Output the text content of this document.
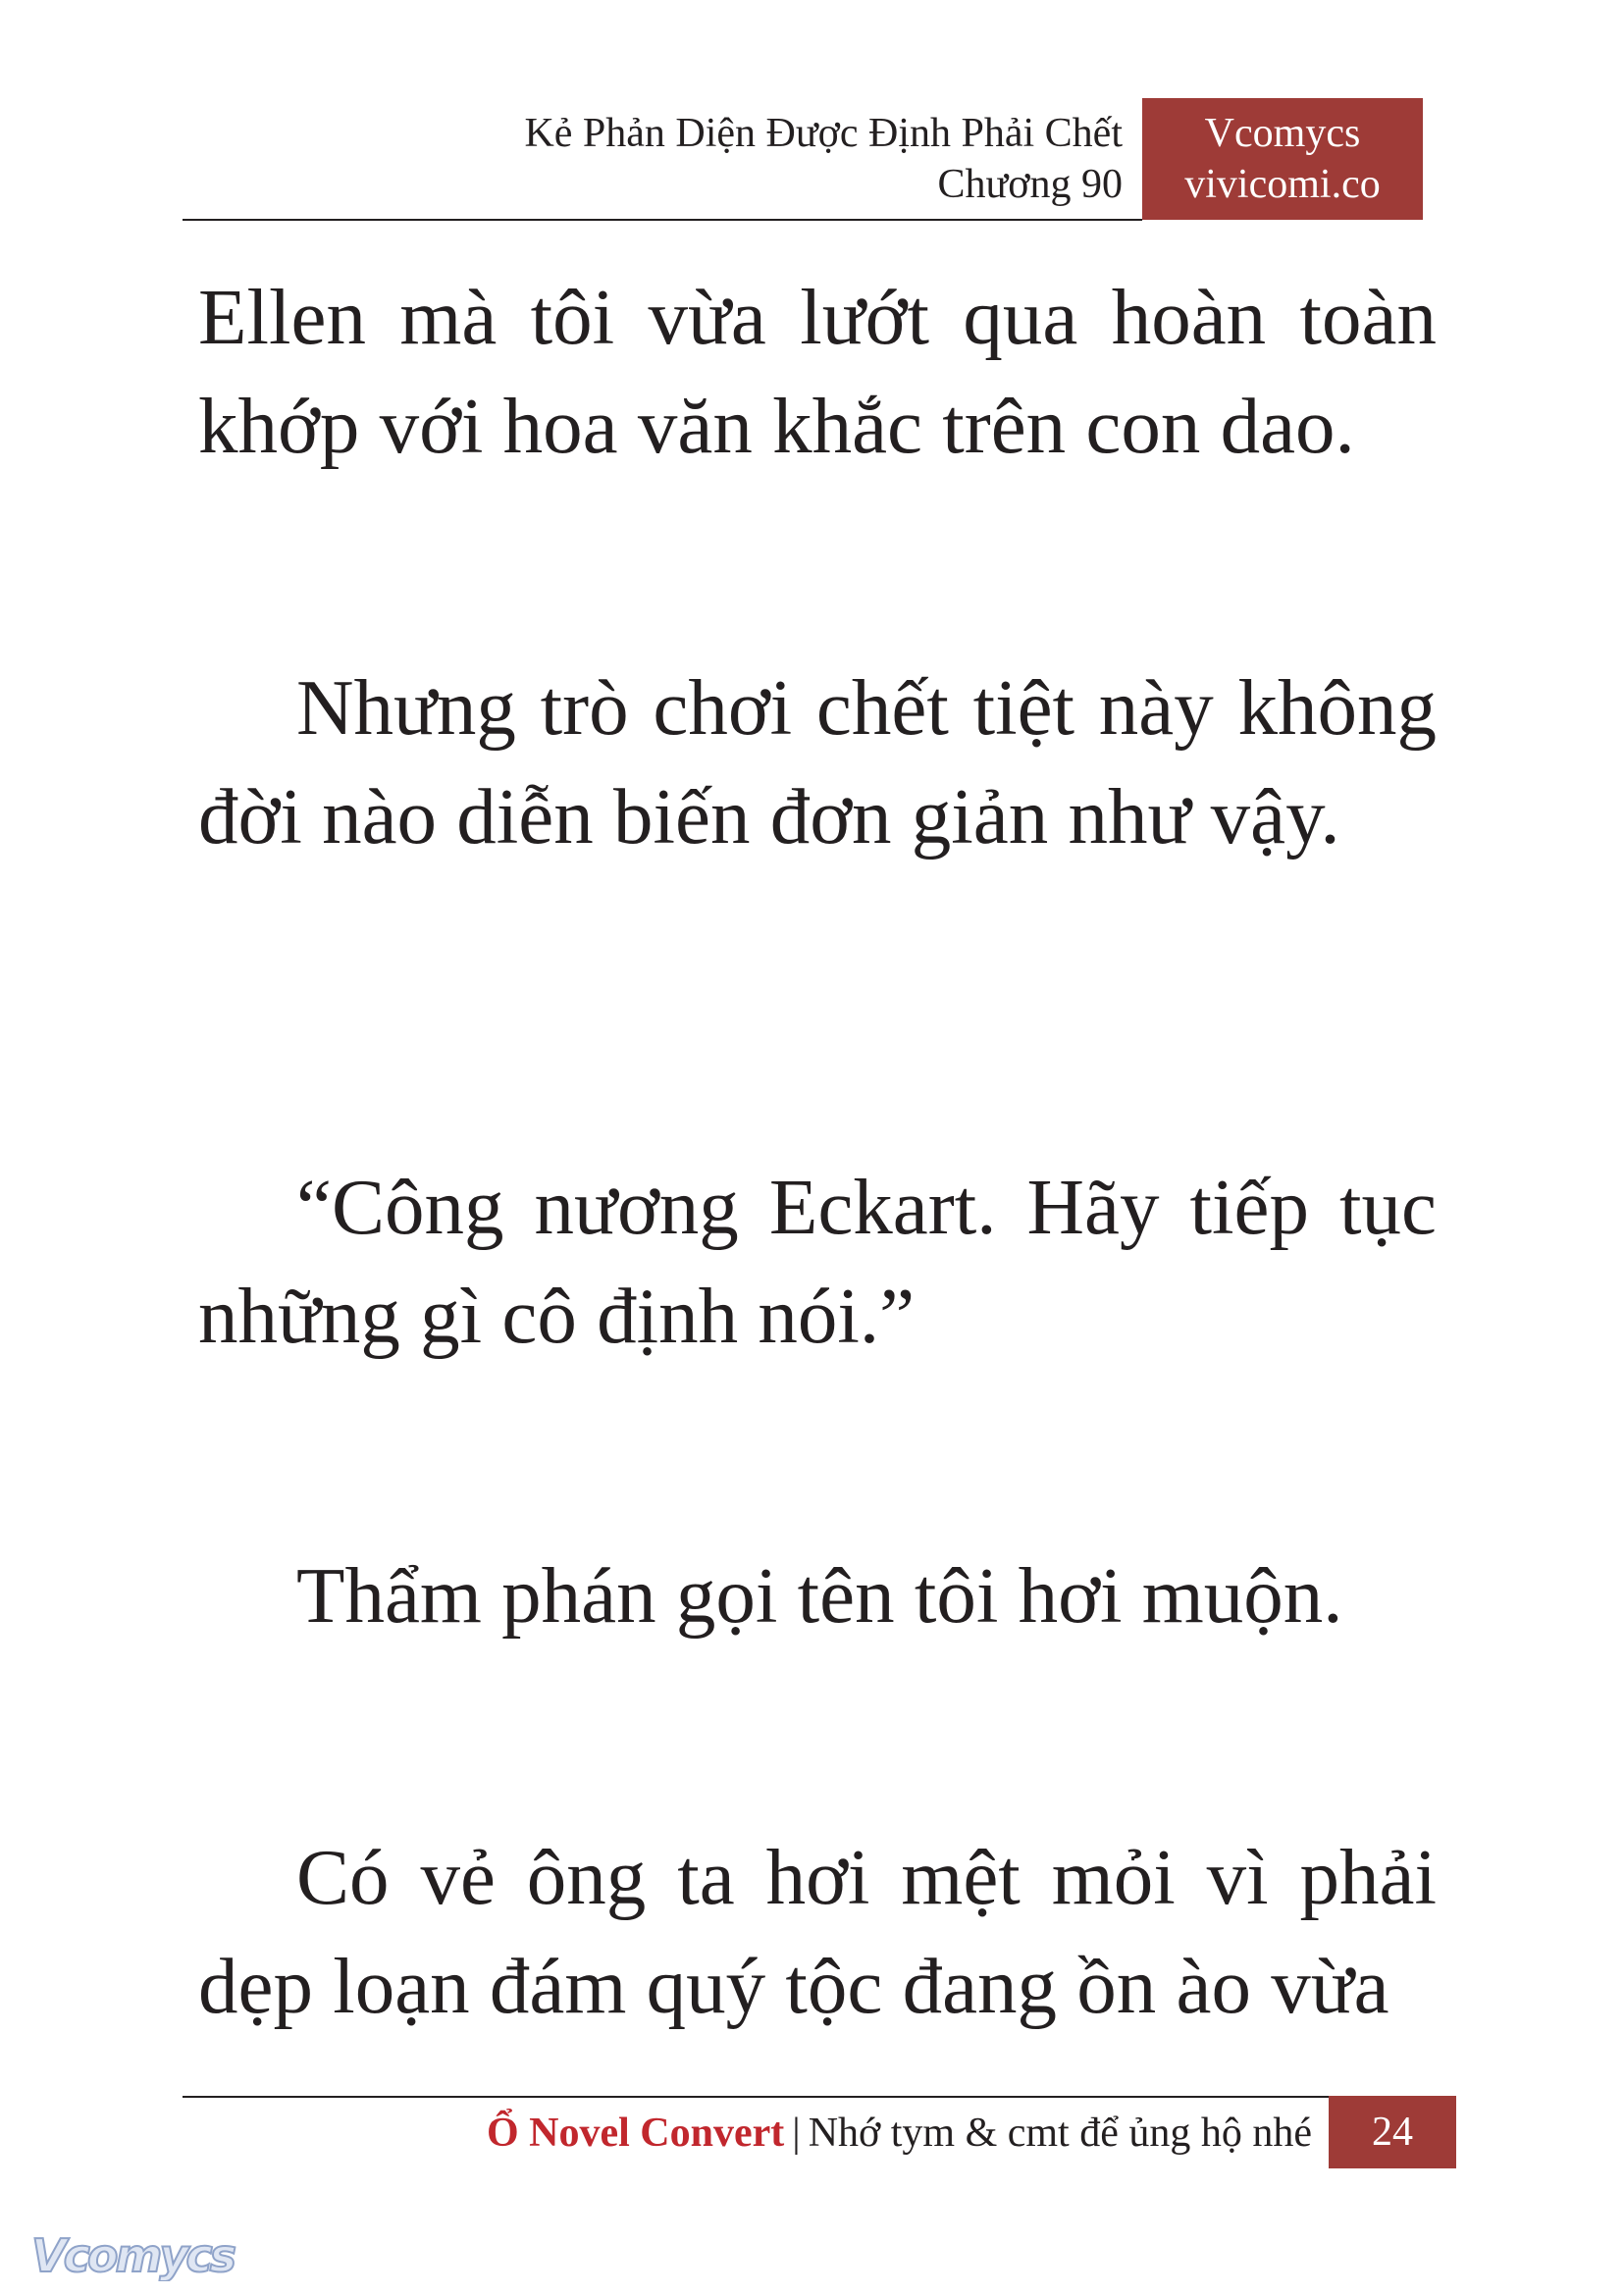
Kẻ Phản Diện Được Định Phải Chết
Chương 90
Vcomycs
vivicomi.co

Ellen mà tôi vừa lướt qua hoàn toàn khớp với hoa văn khắc trên con dao.

Nhưng trò chơi chết tiệt này không đời nào diễn biến đơn giản như vậy.

“Công nương Eckart. Hãy tiếp tục những gì cô định nói.”

Thẩm phán gọi tên tôi hơi muộn.

Có vẻ ông ta hơi mệt mỏi vì phải dẹp loạn đám quý tộc đang ồn ào vừa

Ổ Novel Convert | Nhớ tym & cmt để ủng hộ nhé	24
Vcomycs
